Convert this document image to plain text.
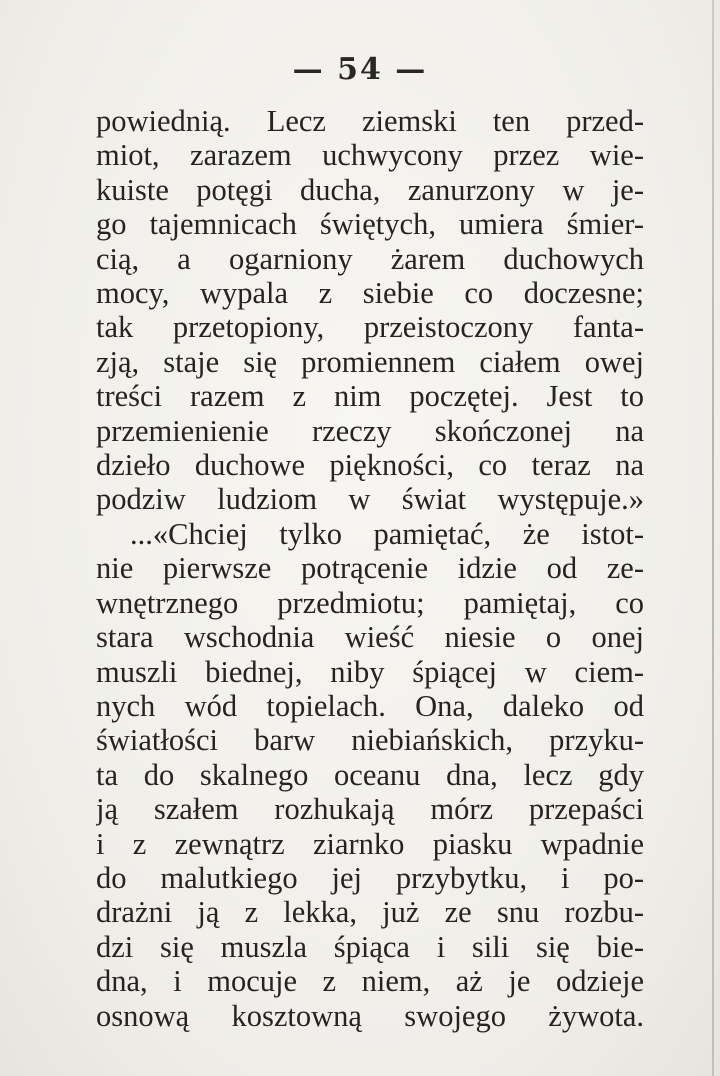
— 54 —
powiednią. Lecz ziemski ten przed-
miot, zarazem uchwycony przez wie-
kuiste potęgi ducha, zanurzony w je-
go tajemnicach świętych, umiera śmier-
cią, a ogarniony żarem duchowych
mocy, wypala z siebie co doczesne;
tak przetopiony, przeistoczony fanta-
zją, staje się promiennem ciałem owej
treści razem z nim poczętej. Jest to
przemienienie rzeczy skończonej na
dzieło duchowe piękności, co teraz na
podziw ludziom w świat występuje.»
...«Chciej tylko pamiętać, że istot-
nie pierwsze potrącenie idzie od ze-
wnętrznego przedmiotu; pamiętaj, co
stara wschodnia wieść niesie o onej
muszli biednej, niby śpiącej w ciem-
nych wód topielach. Ona, daleko od
światłości barw niebiańskich, przyku-
ta do skalnego oceanu dna, lecz gdy
ją szałem rozhukają mórz przepaści
i z zewnątrz ziarnko piasku wpadnie
do malutkiego jej przybytku, i po-
drażni ją z lekka, już ze snu rozbu-
dzi się muszla śpiąca i sili się bie-
dna, i mocuje z niem, aż je odzieje
osnową kosztowną swojego żywota.
